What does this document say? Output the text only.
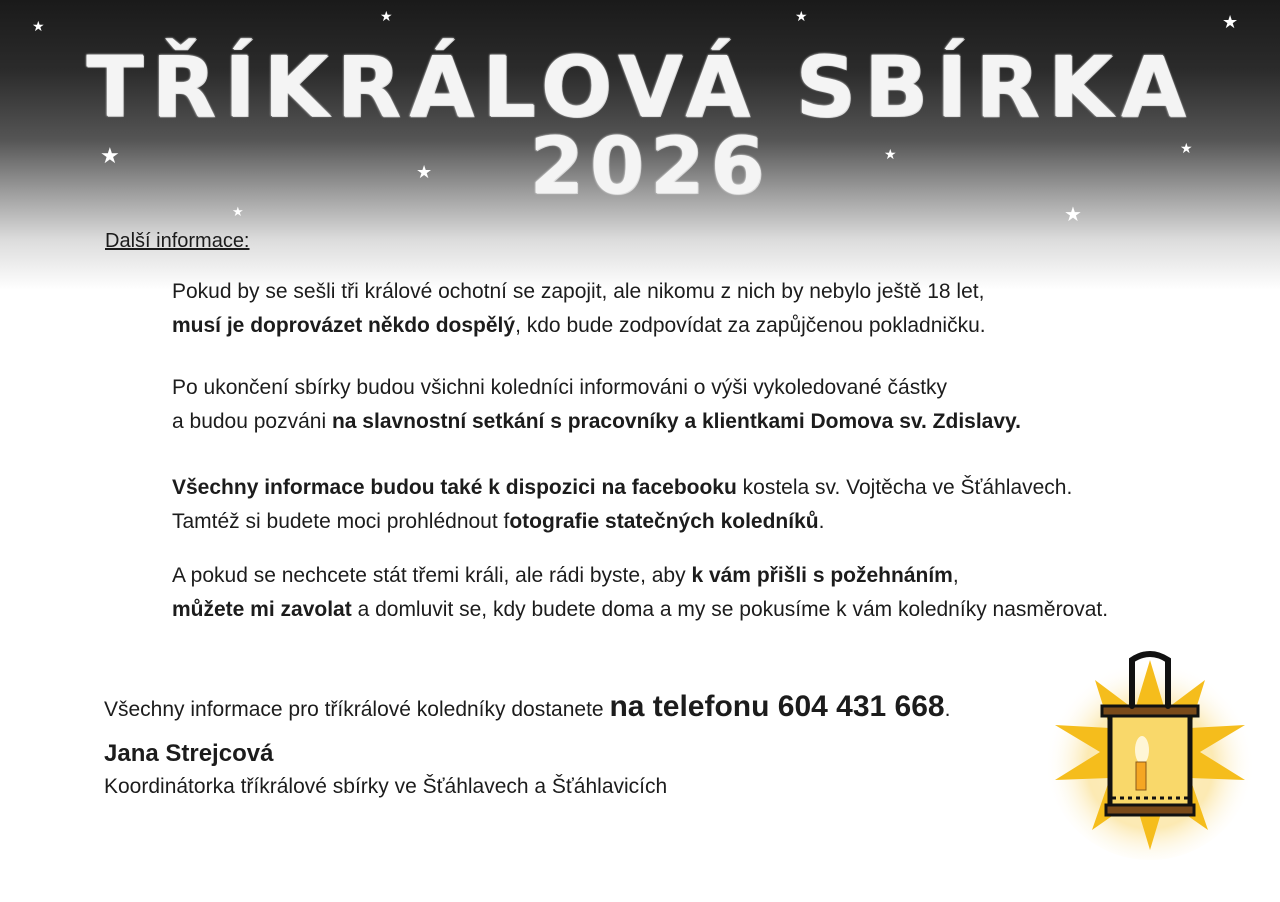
★
★	★	★
★
★
★	★
★	★
TŘÍKRÁLOVÁ SBÍRKA
2026
Další informace:
Pokud by se sešli tři králové ochotní se zapojit, ale nikomu z nich by nebylo ještě 18 let,
musí je doprovázet někdo dospělý, kdo bude zodpovídat za zapůjčenou pokladničku.
Po ukončení sbírky budou všichni koledníci informováni o výši vykoledované částky
a budou pozváni na slavnostní setkání s pracovníky a klientkami Domova sv. Zdislavy.
Všechny informace budou také k dispozici na facebooku kostela sv. Vojtěcha ve Šťáhlavech.
Tamtéž si budete moci prohlédnout fotografie statečných koledníků.
A pokud se nechcete stát třemi králi, ale rádi byste, aby k vám přišli s požehnáním,
můžete mi zavolat a domluvit se, kdy budete doma a my se pokusíme k vám koledníky nasměrovat.
Všechny informace pro tříkrálové koledníky dostanete na telefonu 604 431 668.
Jana Strejcová
Koordinátorka tříkrálové sbírky ve Šťáhlavech a Šťáhlavicích
